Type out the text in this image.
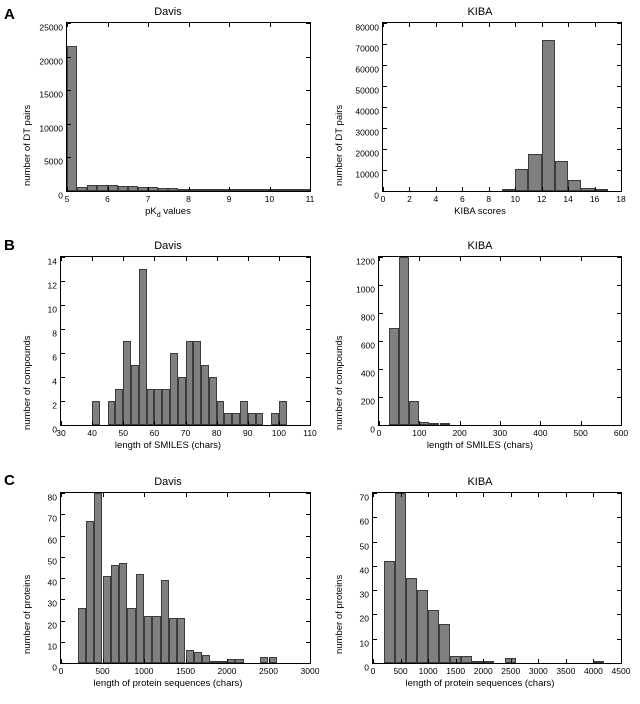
A
B
C
Davis
number of DT pairs
$pK_d$ values
0
5000
10000
15000
20000
25000
5	6	7	8	9	10	11
KIBA
number of DT pairs
KIBA scores
0
10000
20000
30000
40000
50000
60000
70000
80000
0	2	4	6	8 10 12 14 16 18
Davis
number of compounds
length of SMILES (chars)
0
2
4
6
8
10
12
14
30	40	50	60	70	80	90 100 110
KIBA
number of compounds
length of SMILES (chars)
0
200
400
600
800
1000
1200
0	100	200	300	400	500	600
Davis
number of proteins
length of protein sequences (chars)
0
10
20
30
40
50
60
70
80
0	500	1000	1500	2000	2500	3000
KIBA
number of proteins
length of protein sequences (chars)
0
10
20
30
40
50
60
70
0 500 1000 1500 2000 2500 3000 3500 4000 4500
